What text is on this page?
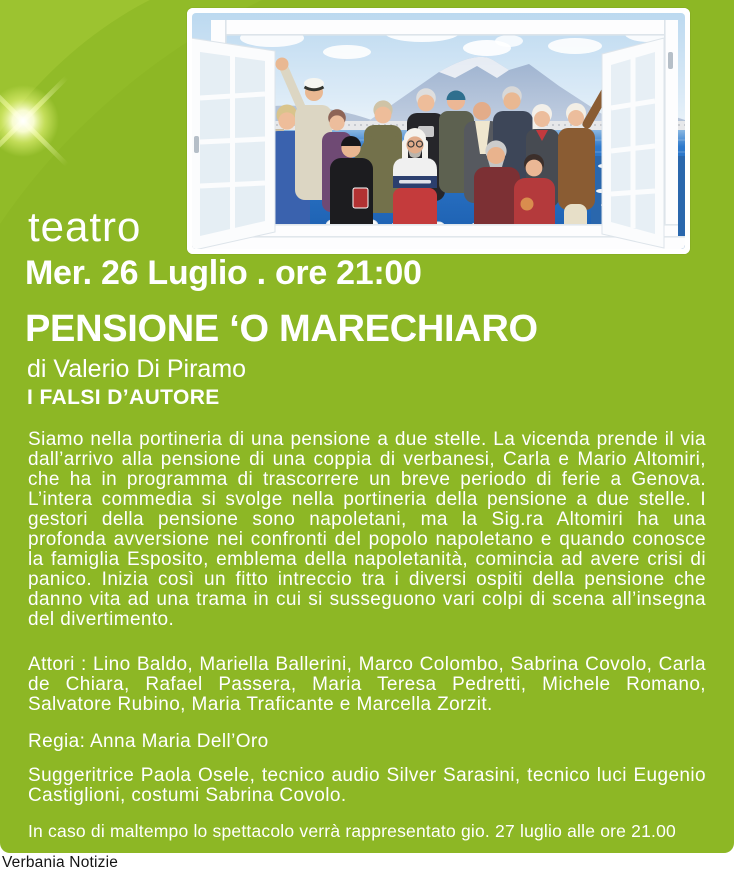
teatro
Mer. 26 Luglio . ore 21:00
PENSIONE ‘O MARECHIARO
di Valerio Di Piramo
I FALSI D’AUTORE

Siamo nella portineria di una pensione a due stelle. La vicenda prende il via dall’arrivo alla pensione di una coppia di verbanesi, Carla e Mario Altomiri, che ha in programma di trascorrere un breve periodo di ferie a Genova. L’intera commedia si svolge nella portineria della pensione a due stelle. I gestori della pensione sono napoletani, ma la Sig.ra Altomiri ha una profonda avversione nei confronti del popolo napoletano e quando conosce la famiglia Esposito, emblema della napoletanità, comincia ad avere crisi di panico. Inizia così un fitto intreccio tra i diversi ospiti della pensione che danno vita ad una trama in cui si susseguono vari colpi di scena all’insegna del divertimento.

Attori : Lino Baldo, Mariella Ballerini, Marco Colombo, Sabrina Covolo, Carla de Chiara, Rafael Passera, Maria Teresa Pedretti, Michele Romano, Salvatore Rubino, Maria Traficante e Marcella Zorzit.

Regia: Anna Maria Dell’Oro

Suggeritrice Paola Osele, tecnico audio Silver Sarasini, tecnico luci Eugenio Castiglioni, costumi Sabrina Covolo.

In caso di maltempo lo spettacolo verrà rappresentato gio. 27 luglio alle ore 21.00
Verbania Notizie
